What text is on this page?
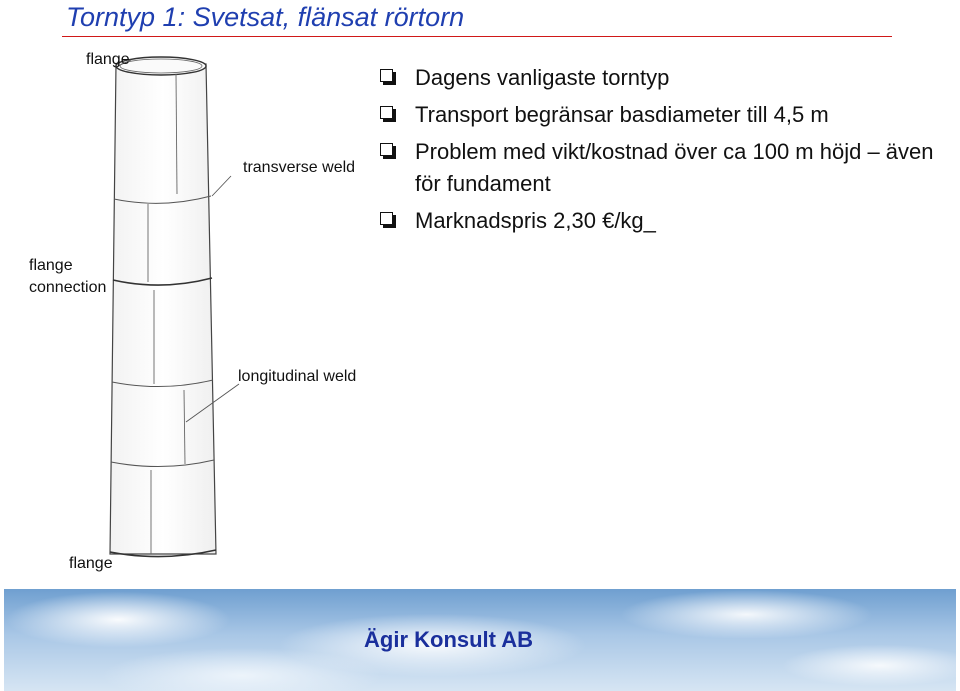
Torntyp 1: Svetsat, flänsat rörtorn
flange
transverse weld
flange
connection
longitudinal weld
flange
Dagens vanligaste torntyp
Transport begränsar basdiameter till 4,5 m
Problem med vikt/kostnad över ca 100 m höjd – även för fundament
Marknadspris 2,30 €/kg_
Ägir Konsult AB
